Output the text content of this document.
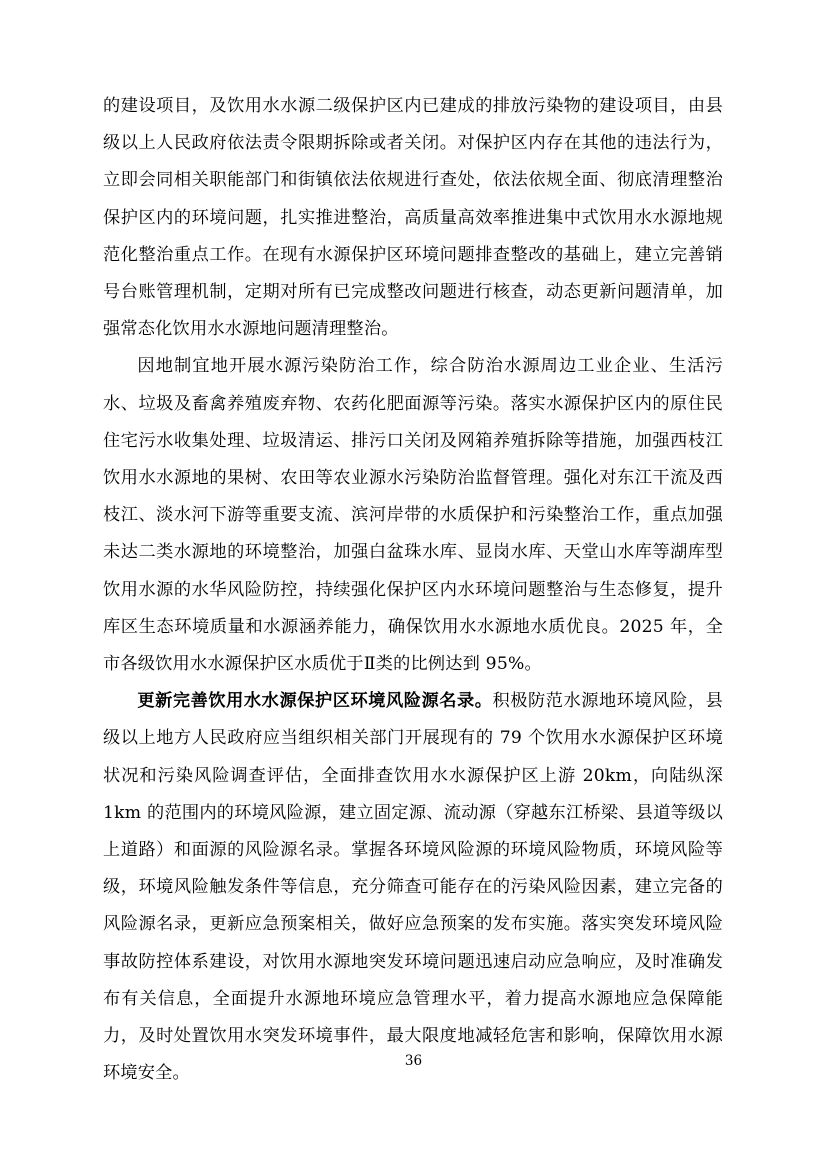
的建设项目，及饮用水水源二级保护区内已建成的排放污染物的建设项目，由县级以上人民政府依法责令限期拆除或者关闭。对保护区内存在其他的违法行为，立即会同相关职能部门和街镇依法依规进行查处，依法依规全面、彻底清理整治保护区内的环境问题，扎实推进整治，高质量高效率推进集中式饮用水水源地规范化整治重点工作。在现有水源保护区环境问题排查整改的基础上，建立完善销号台账管理机制，定期对所有已完成整改问题进行核查，动态更新问题清单，加强常态化饮用水水源地问题清理整治。

因地制宜地开展水源污染防治工作，综合防治水源周边工业企业、生活污水、垃圾及畜禽养殖废弃物、农药化肥面源等污染。落实水源保护区内的原住民住宅污水收集处理、垃圾清运、排污口关闭及网箱养殖拆除等措施，加强西枝江饮用水水源地的果树、农田等农业源水污染防治监督管理。强化对东江干流及西枝江、淡水河下游等重要支流、滨河岸带的水质保护和污染整治工作，重点加强未达二类水源地的环境整治，加强白盆珠水库、显岗水库、天堂山水库等湖库型饮用水源的水华风险防控，持续强化保护区内水环境问题整治与生态修复，提升库区生态环境质量和水源涵养能力，确保饮用水水源地水质优良。2025 年，全市各级饮用水水源保护区水质优于Ⅱ类的比例达到 95%。

更新完善饮用水水源保护区环境风险源名录。积极防范水源地环境风险，县级以上地方人民政府应当组织相关部门开展现有的 79 个饮用水水源保护区环境状况和污染风险调查评估，全面排查饮用水水源保护区上游 20km，向陆纵深 1km 的范围内的环境风险源，建立固定源、流动源（穿越东江桥梁、县道等级以上道路）和面源的风险源名录。掌握各环境风险源的环境风险物质，环境风险等级，环境风险触发条件等信息，充分筛查可能存在的污染风险因素，建立完备的风险源名录，更新应急预案相关，做好应急预案的发布实施。落实突发环境风险事故防控体系建设，对饮用水源地突发环境问题迅速启动应急响应，及时准确发布有关信息，全面提升水源地环境应急管理水平，着力提高水源地应急保障能力，及时处置饮用水突发环境事件，最大限度地减轻危害和影响，保障饮用水源环境安全。

36
